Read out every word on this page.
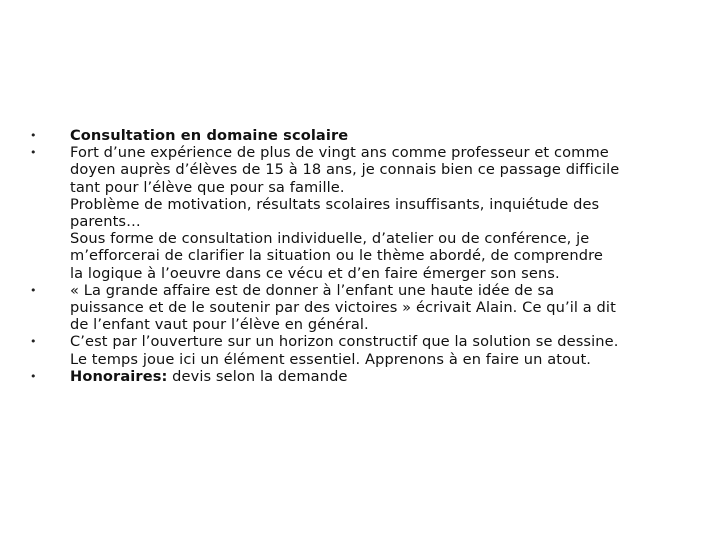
• Consultation en domaine scolaire
• Fort d’une expérience de plus de vingt ans comme professeur et comme
doyen auprès d’élèves de 15 à 18 ans, je connais bien ce passage difficile
tant pour l’élève que pour sa famille.
Problème de motivation, résultats scolaires insuffisants, inquiétude des
parents…
Sous forme de consultation individuelle, d’atelier ou de conférence, je
m’efforcerai de clarifier la situation ou le thème abordé, de comprendre
la logique à l’oeuvre dans ce vécu et d’en faire émerger son sens.
• « La grande affaire est de donner à l’enfant une haute idée de sa
puissance et de le soutenir par des victoires » écrivait Alain. Ce qu’il a dit
de l’enfant vaut pour l’élève en général.
• C’est par l’ouverture sur un horizon constructif que la solution se dessine.
Le temps joue ici un élément essentiel. Apprenons à en faire un atout.
• Honoraires: devis selon la demande
